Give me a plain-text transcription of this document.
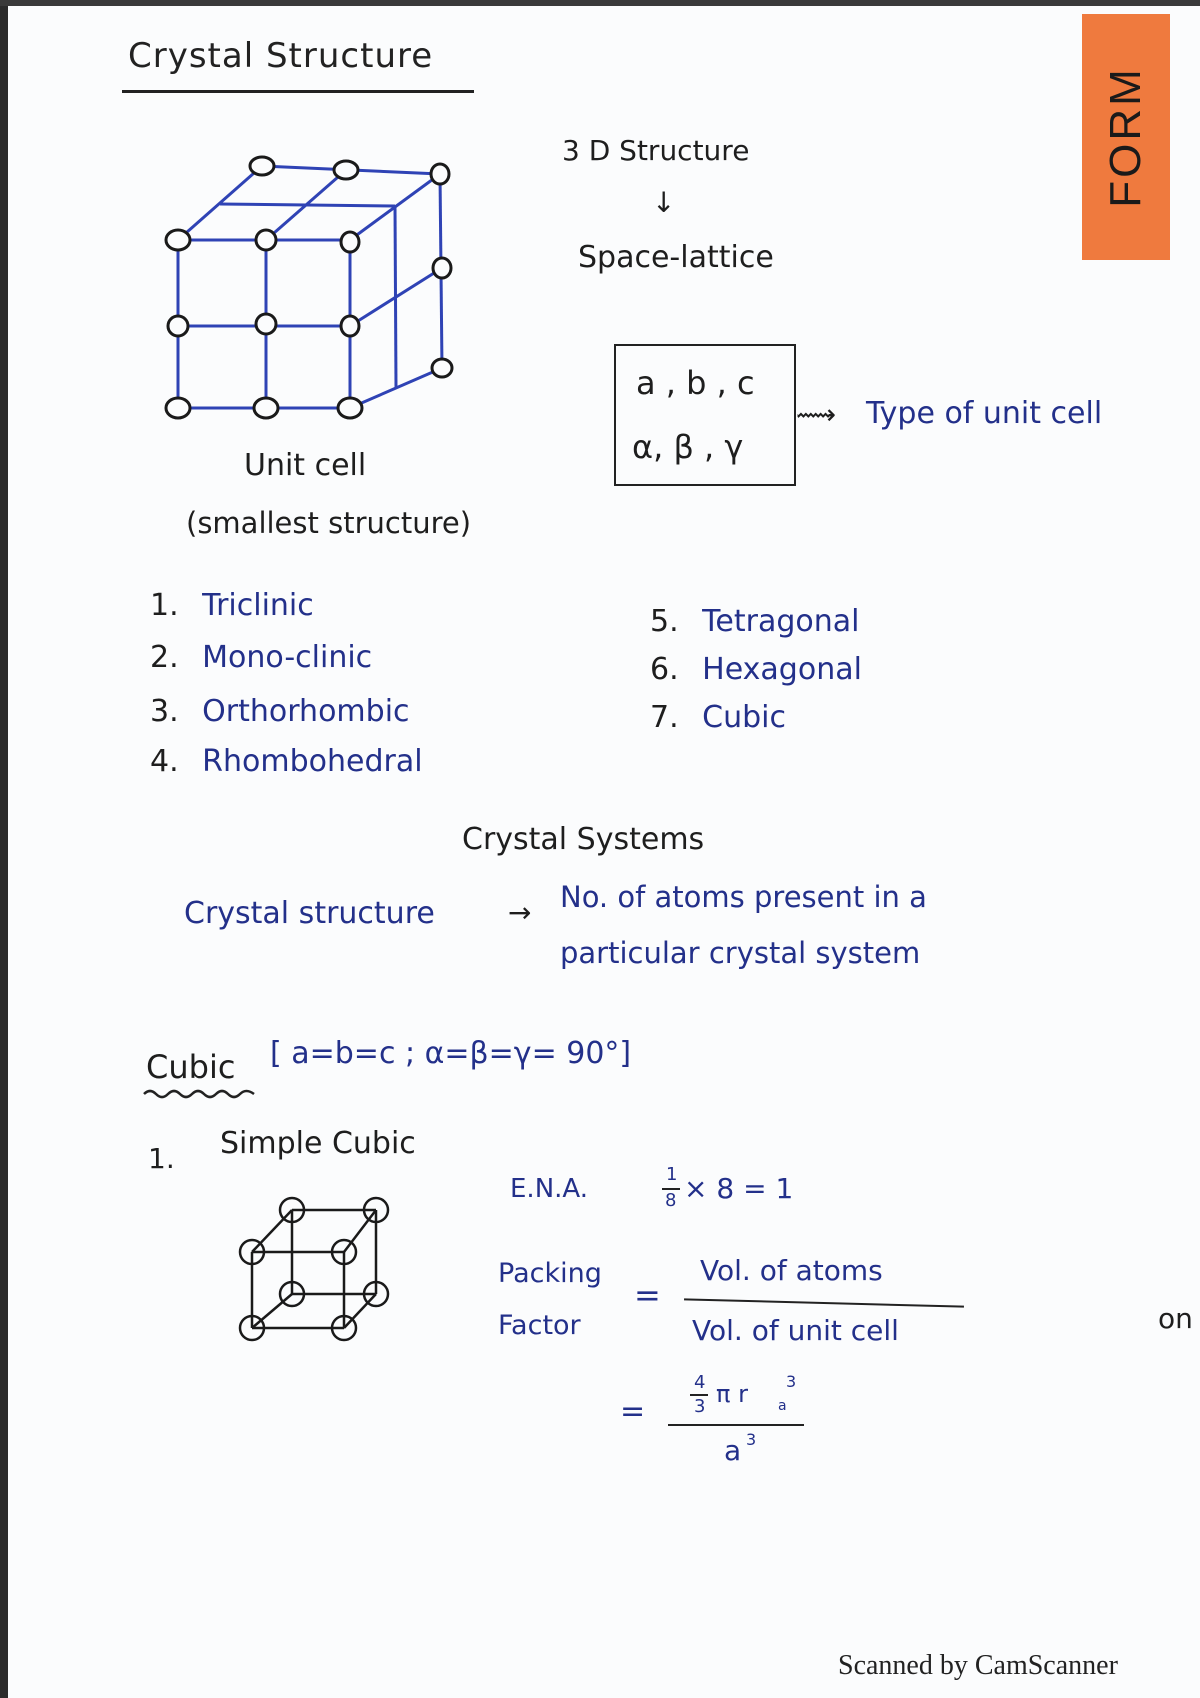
FORM
Crystal Structure
Unit cell
(smallest structure)
3 D Structure
↓
Space-lattice
a , b , c
α, β , γ
⟿ Type of unit cell
1. Triclinic
2. Mono-clinic
3. Orthorhombic
4. Rhombohedral
5. Tetragonal
6. Hexagonal
7. Cubic
Crystal Systems
Crystal structure	→ No. of atoms present in a
particular crystal system
Cubic [ a=b=c ; α=β=γ= 90°]
1. Simple Cubic
E.N.A.	1
8 × 8 = 1
Packing
Factor
=
Vol. of atoms
Vol. of unit cell
=
4
3 π r a
3
a 3
on
Scanned by CamScanner
